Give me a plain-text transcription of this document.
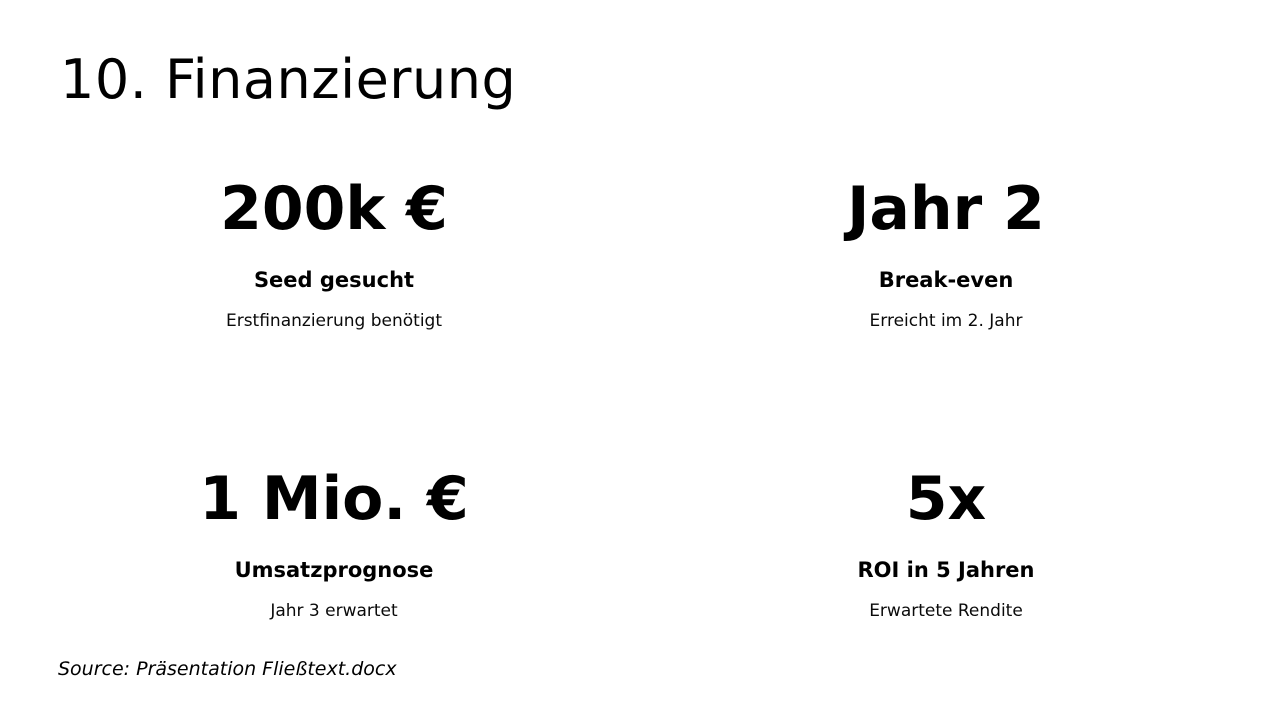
10. Finanzierung
200k €
Seed gesucht
Erstfinanzierung benötigt
Jahr 2
Break-even
Erreicht im 2. Jahr
1 Mio. €
Umsatzprognose
Jahr 3 erwartet
5x
ROI in 5 Jahren
Erwartete Rendite
Source: Präsentation Fließtext.docx
